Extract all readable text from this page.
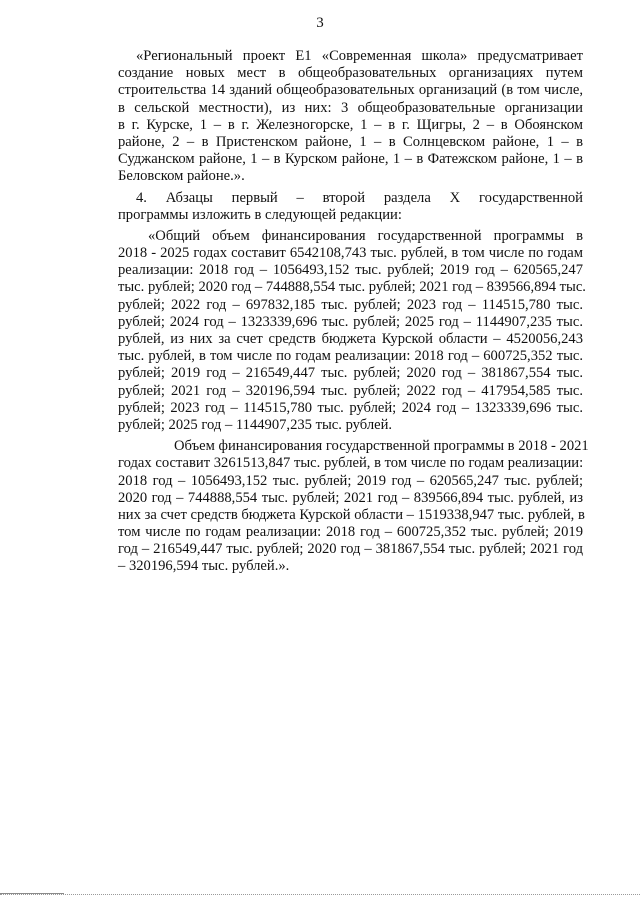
3
«Региональный проект Е1 «Современная школа» предусматривает
создание новых мест в общеобразовательных организациях путем
строительства 14 зданий общеобразовательных организаций (в том числе,
в сельской местности), из них: 3 общеобразовательные организации
в г. Курске, 1 – в г. Железногорске, 1 – в г. Щигры, 2 – в Обоянском
районе, 2 – в Пристенском районе, 1 – в Солнцевском районе, 1 – в
Суджанском районе, 1 – в Курском районе, 1 – в Фатежском районе, 1 – в
Беловском районе.».
4. Абзацы первый – второй раздела X государственной
программы изложить в следующей редакции:
«Общий объем финансирования государственной программы в
2018 - 2025 годах составит 6542108,743 тыс. рублей, в том числе по годам
реализации: 2018 год – 1056493,152 тыс. рублей; 2019 год – 620565,247
тыс. рублей; 2020 год – 744888,554 тыс. рублей; 2021 год – 839566,894 тыс.
рублей; 2022 год – 697832,185 тыс. рублей; 2023 год – 114515,780 тыс.
рублей; 2024 год – 1323339,696 тыс. рублей; 2025 год – 1144907,235 тыс.
рублей, из них за счет средств бюджета Курской области – 4520056,243
тыс. рублей, в том числе по годам реализации: 2018 год – 600725,352 тыс.
рублей; 2019 год – 216549,447 тыс. рублей; 2020 год – 381867,554 тыс.
рублей; 2021 год – 320196,594 тыс. рублей; 2022 год – 417954,585 тыс.
рублей; 2023 год – 114515,780 тыс. рублей; 2024 год – 1323339,696 тыс.
рублей; 2025 год – 1144907,235 тыс. рублей.
Объем финансирования государственной программы в 2018 - 2021
годах составит 3261513,847 тыс. рублей, в том числе по годам реализации:
2018 год – 1056493,152 тыс. рублей; 2019 год – 620565,247 тыс. рублей;
2020 год – 744888,554 тыс. рублей; 2021 год – 839566,894 тыс. рублей, из
них за счет средств бюджета Курской области – 1519338,947 тыс. рублей, в
том числе по годам реализации: 2018 год – 600725,352 тыс. рублей; 2019
год – 216549,447 тыс. рублей; 2020 год – 381867,554 тыс. рублей; 2021 год
– 320196,594 тыс. рублей.».
